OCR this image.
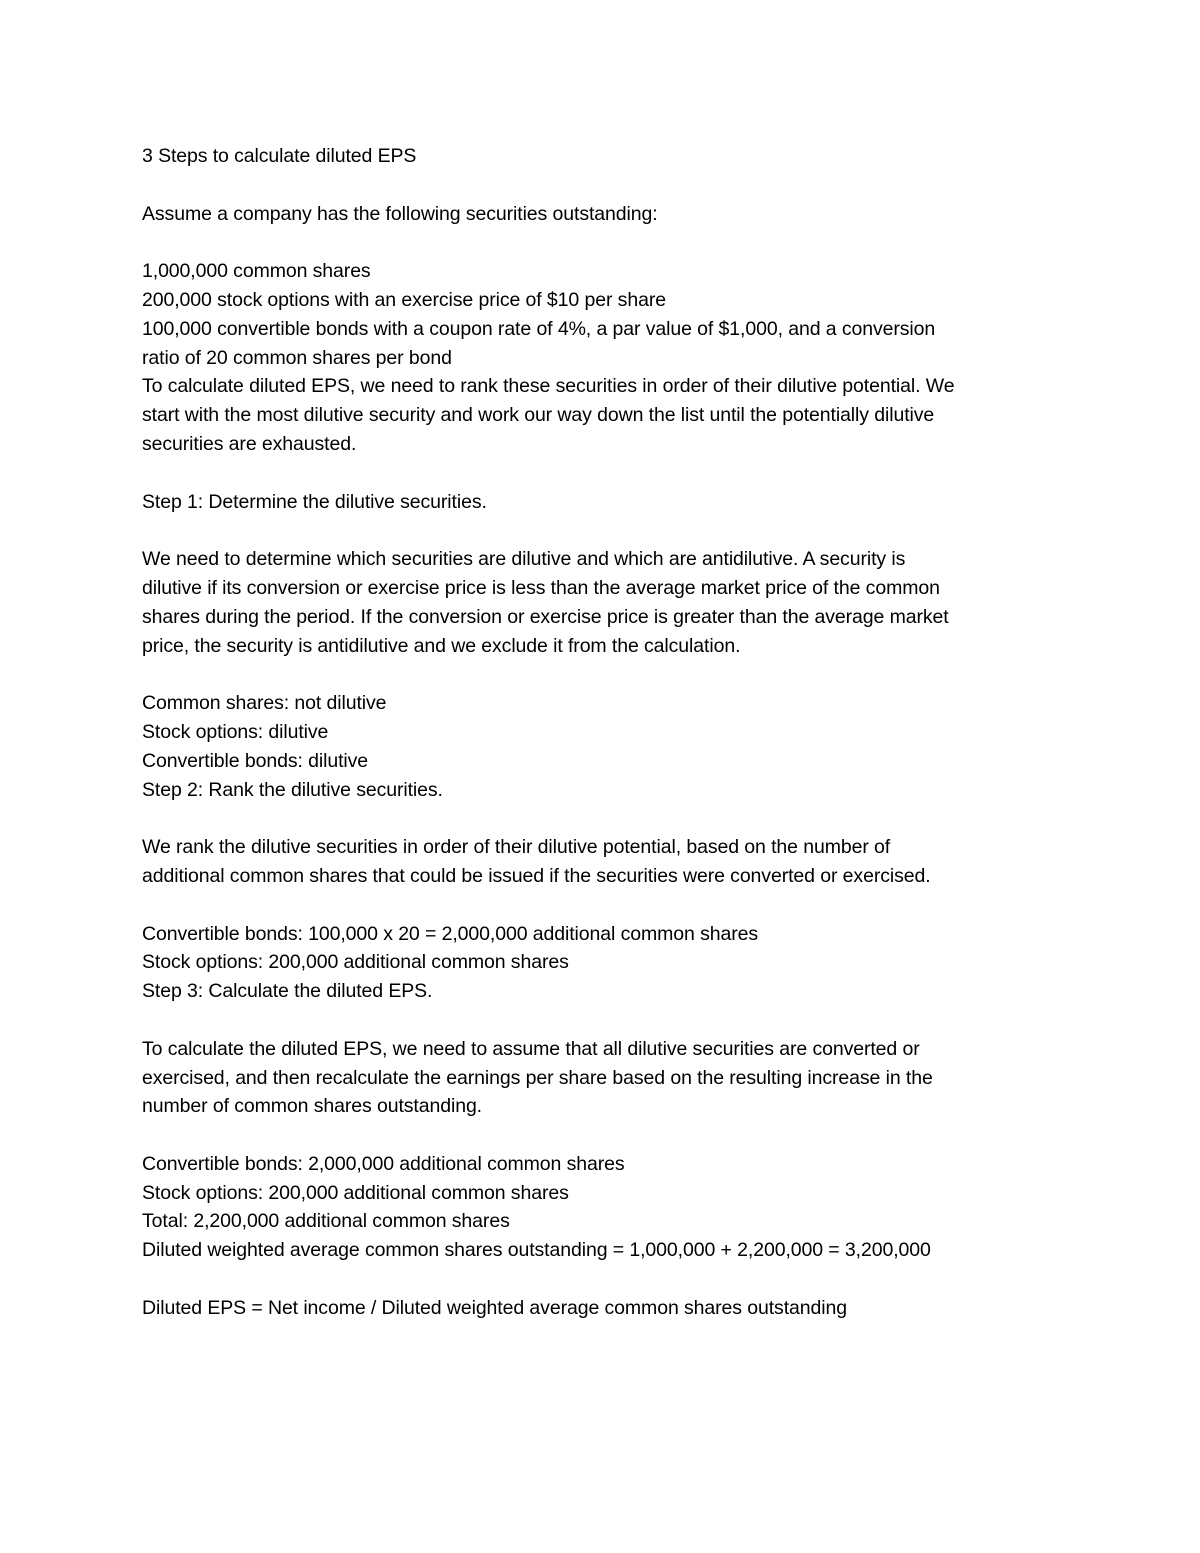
3 Steps to calculate diluted EPS
Assume a company has the following securities outstanding:
1,000,000 common shares
200,000 stock options with an exercise price of $10 per share
100,000 convertible bonds with a coupon rate of 4%, a par value of $1,000, and a conversion
ratio of 20 common shares per bond
To calculate diluted EPS, we need to rank these securities in order of their dilutive potential. We
start with the most dilutive security and work our way down the list until the potentially dilutive
securities are exhausted.
Step 1: Determine the dilutive securities.
We need to determine which securities are dilutive and which are antidilutive. A security is
dilutive if its conversion or exercise price is less than the average market price of the common
shares during the period. If the conversion or exercise price is greater than the average market
price, the security is antidilutive and we exclude it from the calculation.
Common shares: not dilutive
Stock options: dilutive
Convertible bonds: dilutive
Step 2: Rank the dilutive securities.
We rank the dilutive securities in order of their dilutive potential, based on the number of
additional common shares that could be issued if the securities were converted or exercised.
Convertible bonds: 100,000 x 20 = 2,000,000 additional common shares
Stock options: 200,000 additional common shares
Step 3: Calculate the diluted EPS.
To calculate the diluted EPS, we need to assume that all dilutive securities are converted or
exercised, and then recalculate the earnings per share based on the resulting increase in the
number of common shares outstanding.
Convertible bonds: 2,000,000 additional common shares
Stock options: 200,000 additional common shares
Total: 2,200,000 additional common shares
Diluted weighted average common shares outstanding = 1,000,000 + 2,200,000 = 3,200,000
Diluted EPS = Net income / Diluted weighted average common shares outstanding
